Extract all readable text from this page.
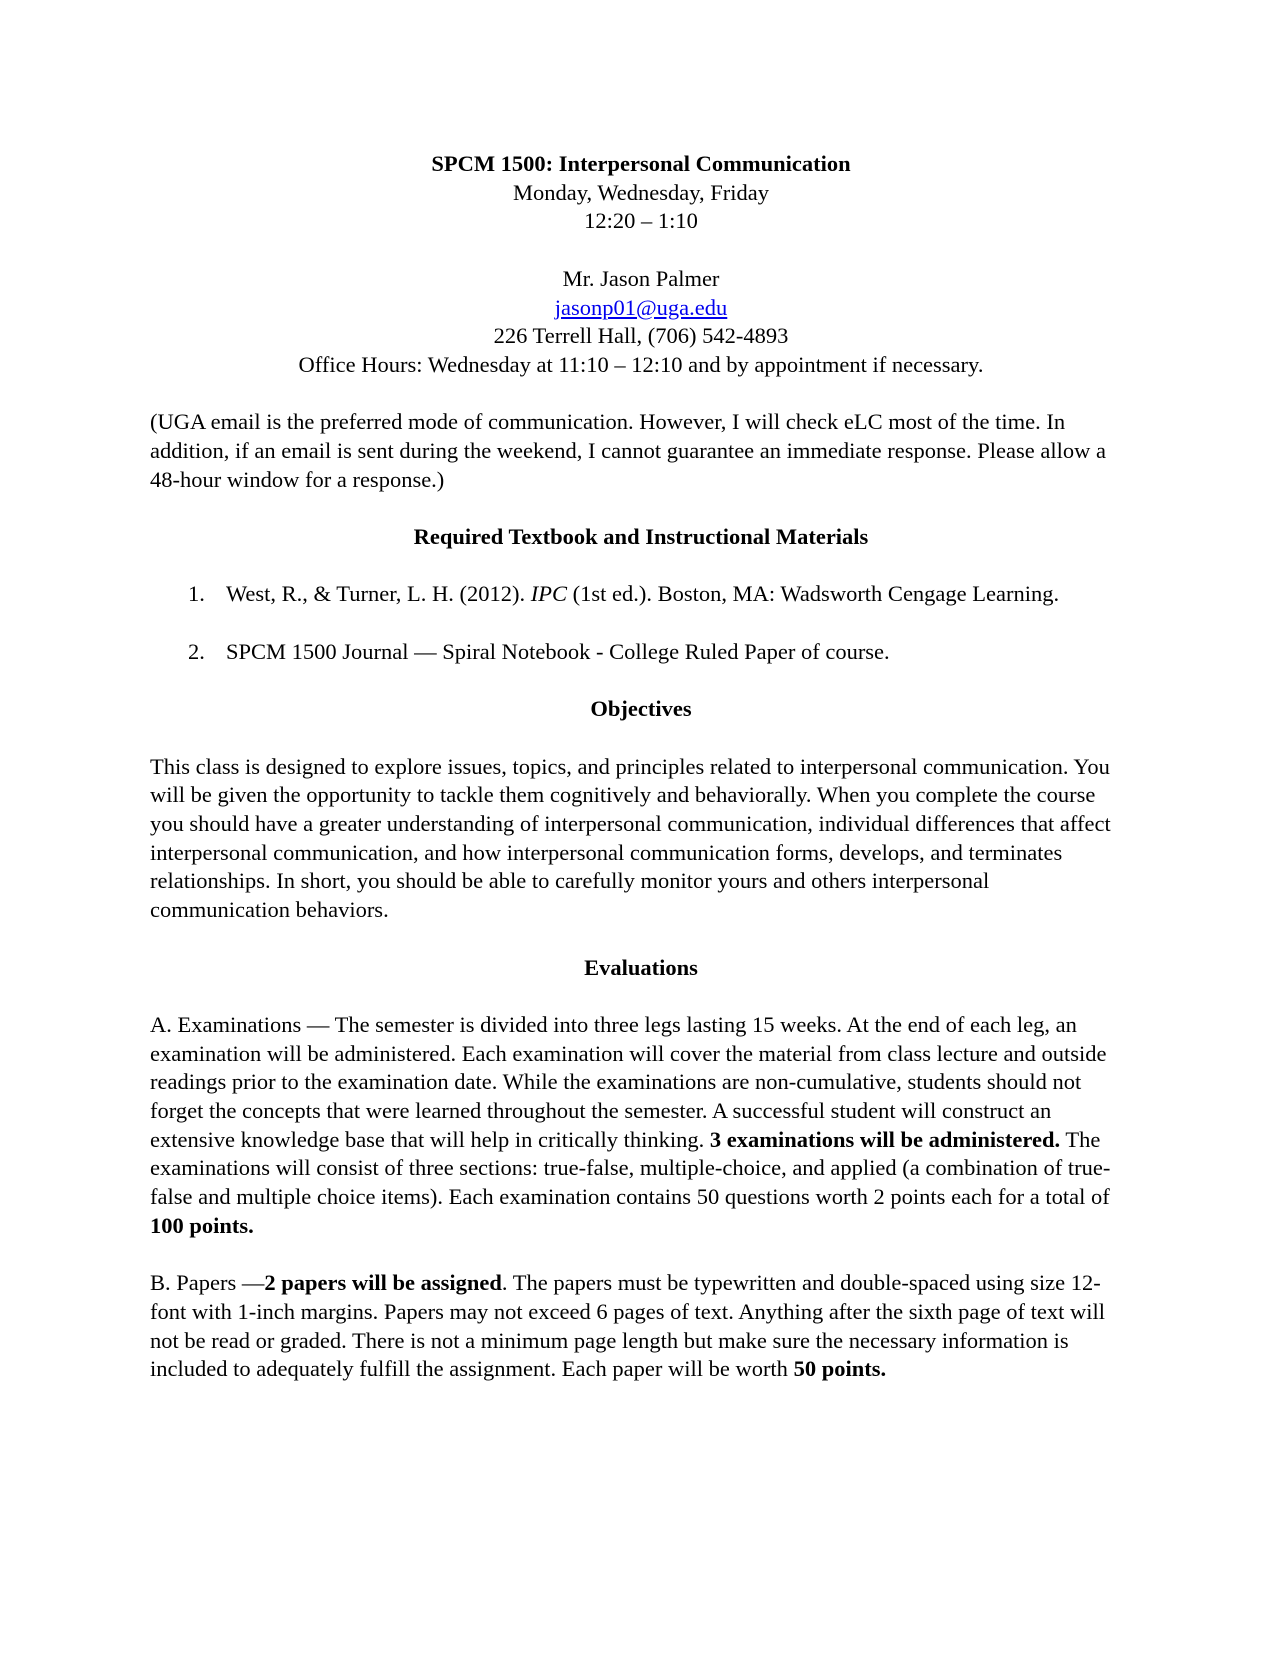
SPCM 1500: Interpersonal Communication

Monday, Wednesday, Friday

12:20 – 1:10

Mr. Jason Palmer

jasonp01@uga.edu

226 Terrell Hall, (706) 542-4893

Office Hours: Wednesday at 11:10 – 12:10 and by appointment if necessary.

(UGA email is the preferred mode of communication. However, I will check eLC most of the time. In addition, if an email is sent during the weekend, I cannot guarantee an immediate response. Please allow a 48-hour window for a response.)

Required Textbook and Instructional Materials

1. West, R., & Turner, L. H. (2012). IPC (1st ed.). Boston, MA: Wadsworth Cengage Learning.
2. SPCM 1500 Journal — Spiral Notebook - College Ruled Paper of course.

Objectives

This class is designed to explore issues, topics, and principles related to interpersonal communication. You will be given the opportunity to tackle them cognitively and behaviorally. When you complete the course you should have a greater understanding of interpersonal communication, individual differences that affect interpersonal communication, and how interpersonal communication forms, develops, and terminates relationships. In short, you should be able to carefully monitor yours and others interpersonal communication behaviors.

Evaluations

A. Examinations — The semester is divided into three legs lasting 15 weeks. At the end of each leg, an examination will be administered. Each examination will cover the material from class lecture and outside readings prior to the examination date. While the examinations are non-cumulative, students should not forget the concepts that were learned throughout the semester. A successful student will construct an extensive knowledge base that will help in critically thinking. 3 examinations will be administered. The examinations will consist of three sections: true-false, multiple-choice, and applied (a combination of true-false and multiple choice items). Each examination contains 50 questions worth 2 points each for a total of 100 points.

B. Papers —2 papers will be assigned. The papers must be typewritten and double-spaced using size 12-font with 1-inch margins. Papers may not exceed 6 pages of text. Anything after the sixth page of text will not be read or graded. There is not a minimum page length but make sure the necessary information is included to adequately fulfill the assignment. Each paper will be worth 50 points.
